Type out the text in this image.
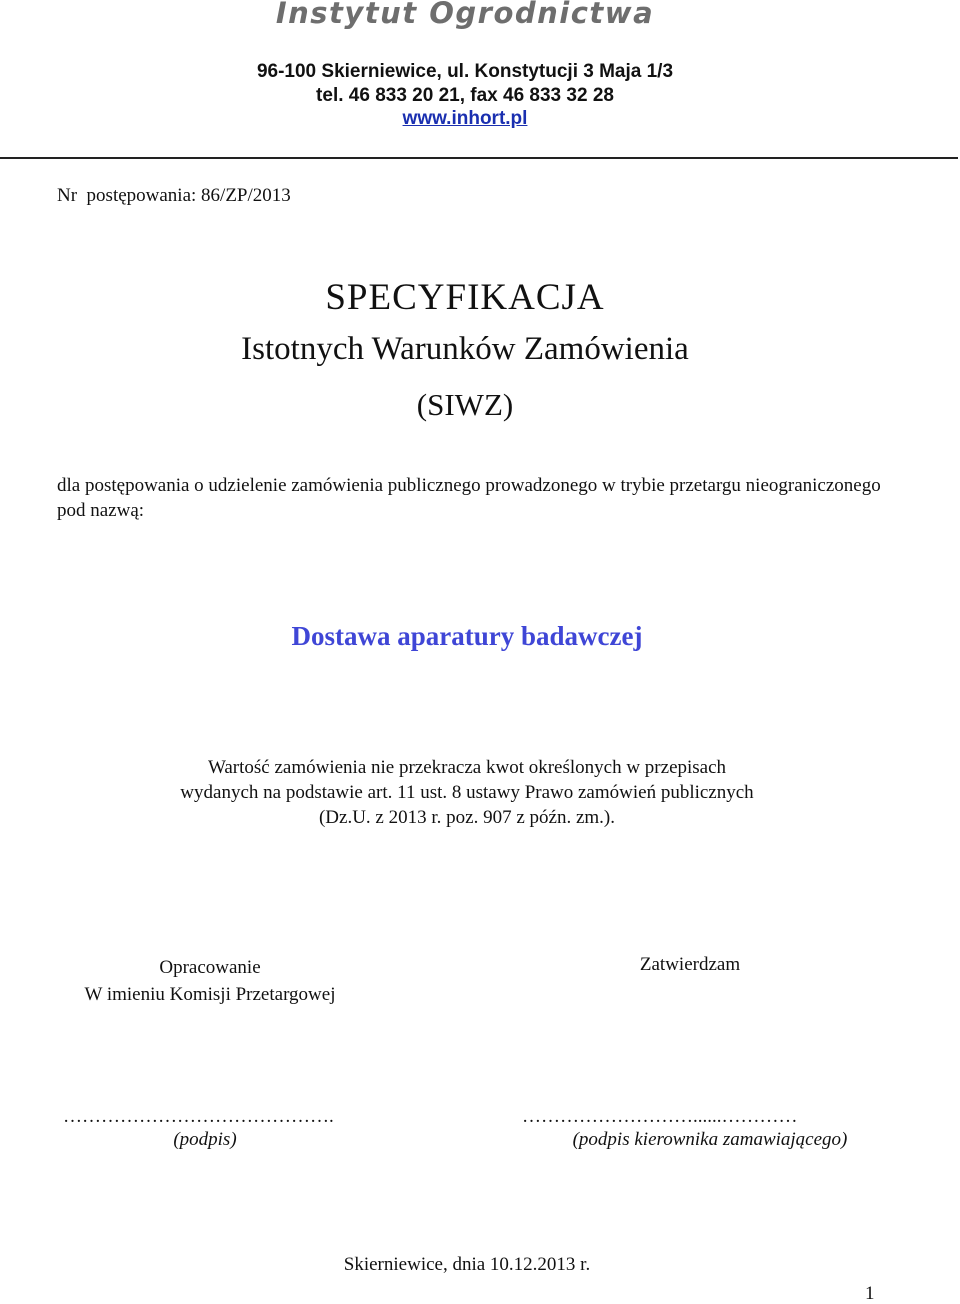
Instytut Ogrodnictwa
96-100 Skierniewice, ul. Konstytucji 3 Maja 1/3
tel. 46 833 20 21, fax 46 833 32 28
www.inhort.pl
Nr  postępowania: 86/ZP/2013
SPECYFIKACJA
Istotnych Warunków Zamówienia
(SIWZ)
dla postępowania o udzielenie zamówienia publicznego prowadzonego w trybie przetargu nieograniczonego pod nazwą:
Dostawa aparatury badawczej
Wartość zamówienia nie przekracza kwot określonych w przepisach
wydanych na podstawie art. 11 ust. 8 ustawy Prawo zamówień publicznych
(Dz.U. z 2013 r. poz. 907 z późn. zm.).
Opracowanie
W imieniu Komisji Przetargowej
Zatwierdzam
…………………………………….	………………………......…………
(podpis)	(podpis kierownika zamawiającego)
Skierniewice, dnia 10.12.2013 r.
1
